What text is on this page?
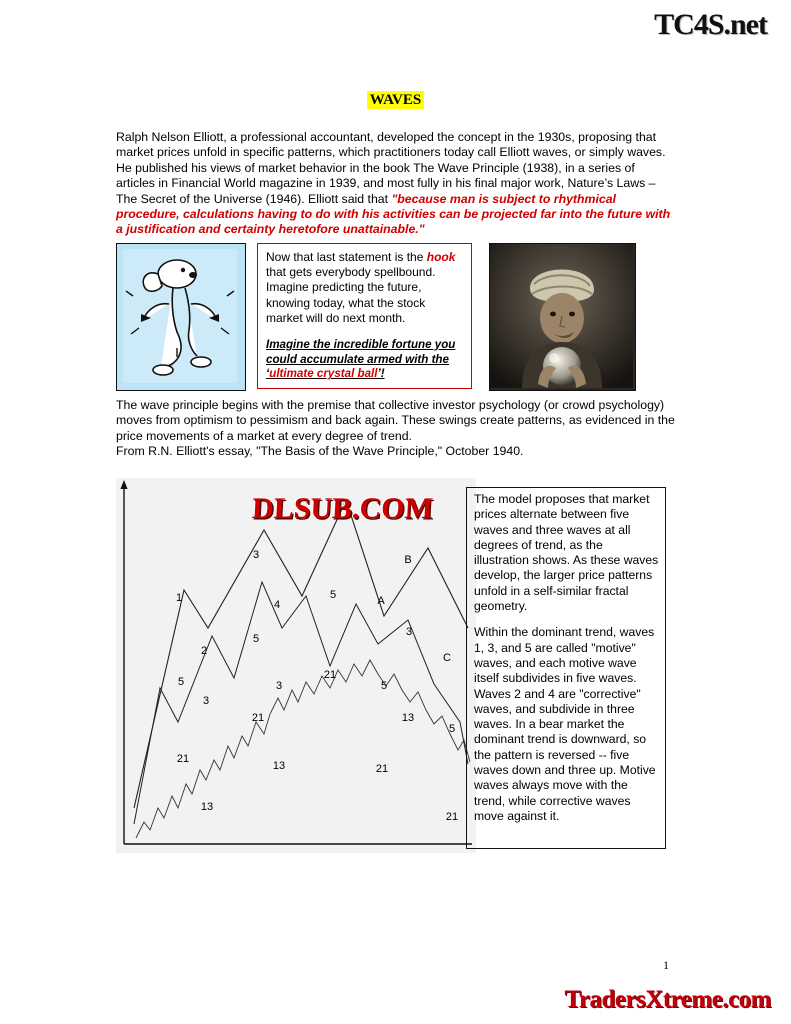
TC4S.net
WAVES
Ralph Nelson Elliott, a professional accountant, developed the concept in the 1930s, proposing that market prices unfold in specific patterns, which practitioners today call Elliott waves, or simply waves. He published his views of market behavior in the book The Wave Principle (1938), in a series of articles in Financial World magazine in 1939, and most fully in his final major work, Nature’s Laws – The Secret of the Universe (1946). Elliott said that "because man is subject to rhythmical procedure, calculations having to do with his activities can be projected far into the future with a justification and certainty heretofore unattainable."
Now that last statement is the hook that gets everybody spellbound. Imagine predicting the future, knowing today, what the stock market will do next month.
Imagine the incredible fortune you could accumulate armed with the ‘ultimate crystal ball’!
The wave principle begins with the premise that collective investor psychology (or crowd psychology) moves from optimism to pessimism and back again. These swings create patterns, as evidenced in the price movements of a market at every degree of trend.
From R.N. Elliott's essay, "The Basis of the Wave Principle," October 1940.
3	B
1
4
5	A
2
5
3
C
5	3
21
5
3
21	13
5
21
13	21
13
21
DLSUB.COM	The model proposes that market prices alternate between five waves and three waves at all degrees of trend, as the illustration shows. As these waves develop, the larger price patterns unfold in a self-similar fractal geometry.

Within the dominant trend, waves 1, 3, and 5 are called "motive" waves, and each motive wave itself subdivides in five waves. Waves 2 and 4 are "corrective" waves, and subdivide in three waves. In a bear market the dominant trend is downward, so the pattern is reversed -- five waves down and three up. Motive waves always move with the trend, while corrective waves move against it.

1
TradersXtreme.com
